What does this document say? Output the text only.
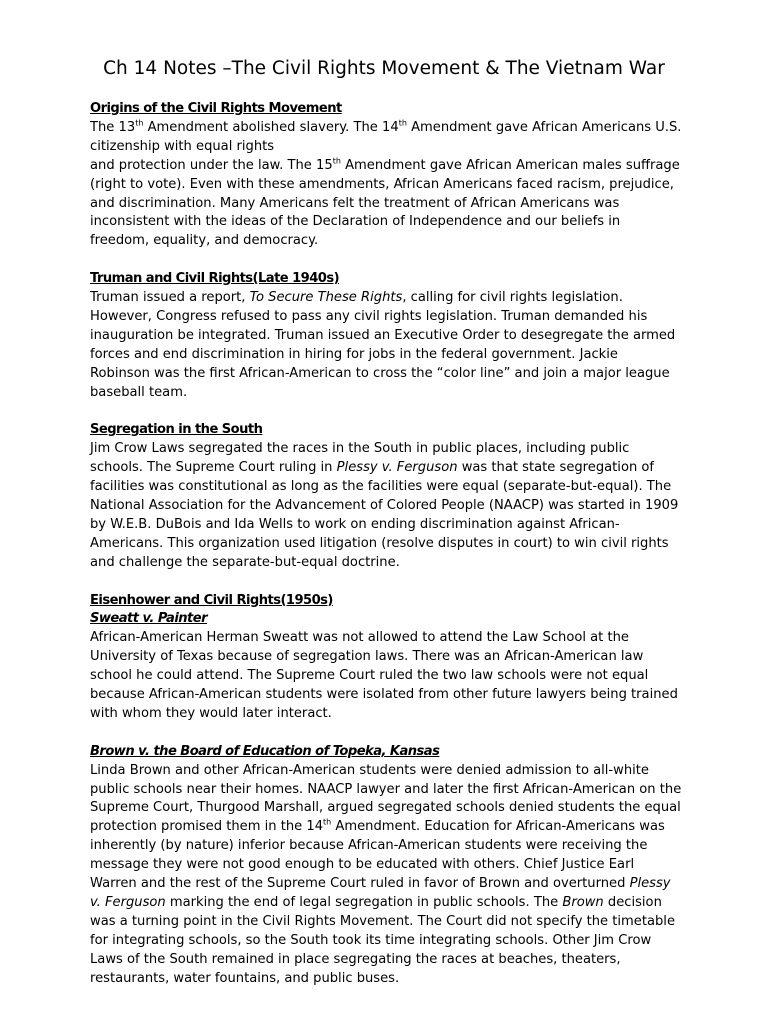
Ch 14 Notes –The Civil Rights Movement & The Vietnam War
Origins of the Civil Rights Movement

The 13th Amendment abolished slavery. The 14th Amendment gave African Americans U.S. citizenship with equal rights

and protection under the law. The 15th Amendment gave African American males suffrage (right to vote). Even with these amendments, African Americans faced racism, prejudice, and discrimination. Many Americans felt the treatment of African Americans was inconsistent with the ideas of the Declaration of Independence and our beliefs in freedom, equality, and democracy.

Truman and Civil Rights(Late 1940s)

Truman issued a report, To Secure These Rights, calling for civil rights legislation. However, Congress refused to pass any civil rights legislation. Truman demanded his inauguration be integrated. Truman issued an Executive Order to desegregate the armed forces and end discrimination in hiring for jobs in the federal government. Jackie Robinson was the first African-American to cross the “color line” and join a major league baseball team.

Segregation in the South

Jim Crow Laws segregated the races in the South in public places, including public schools. The Supreme Court ruling in Plessy v. Ferguson was that state segregation of facilities was constitutional as long as the facilities were equal (separate-but-equal). The National Association for the Advancement of Colored People (NAACP) was started in 1909 by W.E.B. DuBois and Ida Wells to work on ending discrimination against African-Americans. This organization used litigation (resolve disputes in court) to win civil rights and challenge the separate-but-equal doctrine.

Eisenhower and Civil Rights(1950s)
Sweatt v. Painter

African-American Herman Sweatt was not allowed to attend the Law School at the University of Texas because of segregation laws. There was an African-American law school he could attend. The Supreme Court ruled the two law schools were not equal because African-American students were isolated from other future lawyers being trained with whom they would later interact.

Brown v. the Board of Education of Topeka, Kansas

Linda Brown and other African-American students were denied admission to all-white public schools near their homes. NAACP lawyer and later the first African-American on the Supreme Court, Thurgood Marshall, argued segregated schools denied students the equal protection promised them in the 14th Amendment. Education for African-Americans was inherently (by nature) inferior because African-American students were receiving the message they were not good enough to be educated with others. Chief Justice Earl Warren and the rest of the Supreme Court ruled in favor of Brown and overturned Plessy v. Ferguson marking the end of legal segregation in public schools. The Brown decision was a turning point in the Civil Rights Movement. The Court did not specify the timetable for integrating schools, so the South took its time integrating schools. Other Jim Crow Laws of the South remained in place segregating the races at beaches, theaters, restaurants, water fountains, and public buses.
